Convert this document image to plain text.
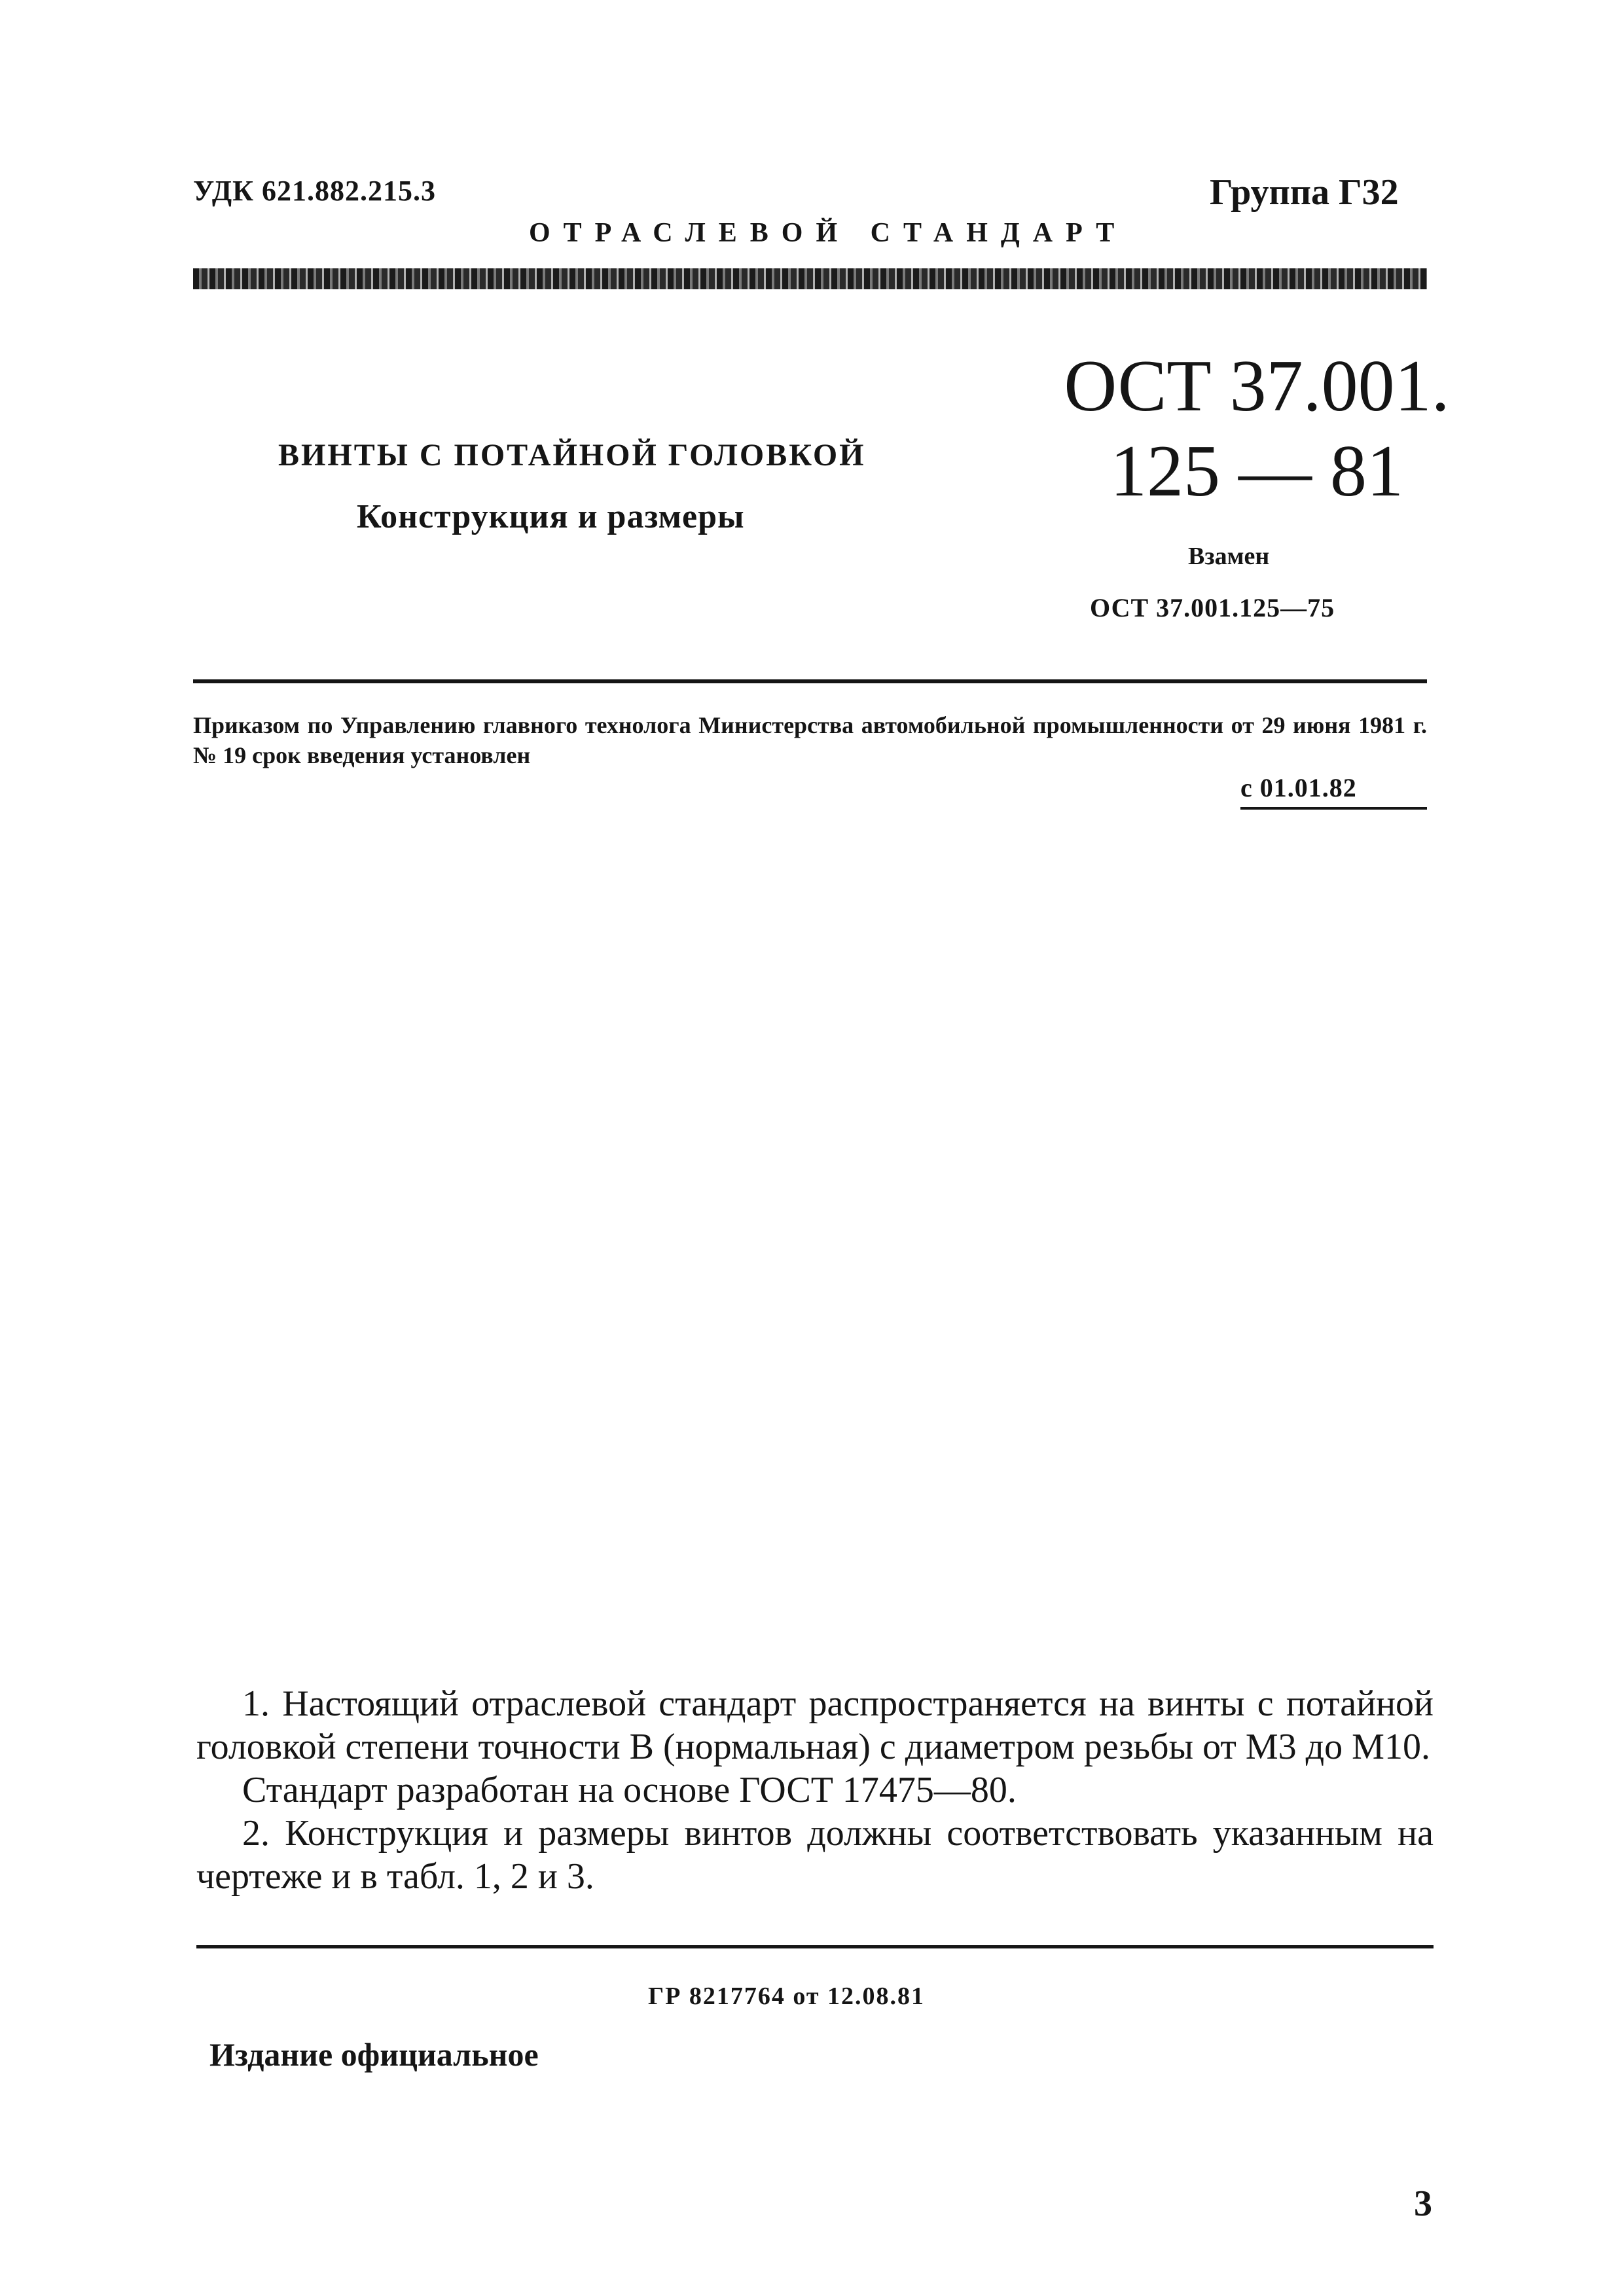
УДК 621.882.215.3	Группа Г32
ОТРАСЛЕВОЙ СТАНДАРТ
ОСТ 37.001.
125 — 81
ВИНТЫ С ПОТАЙНОЙ ГОЛОВКОЙ
Конструкция и размеры
Взамен
ОСТ 37.001.125—75
Приказом по Управлению главного технолога Министерства автомобильной промышленности от 29 июня 1981 г. № 19 срок введения установлен
с 01.01.82

1. Настоящий отраслевой стандарт распространяется на винты с потайной головкой степени точности В (нормальная) с диаметром резьбы от М3 до М10.

Стандарт разработан на основе ГОСТ 17475—80.

2. Конструкция и размеры винтов должны соответствовать указанным на чертеже и в табл. 1, 2 и 3.

ГР 8217764 от 12.08.81
Издание официальное
3
